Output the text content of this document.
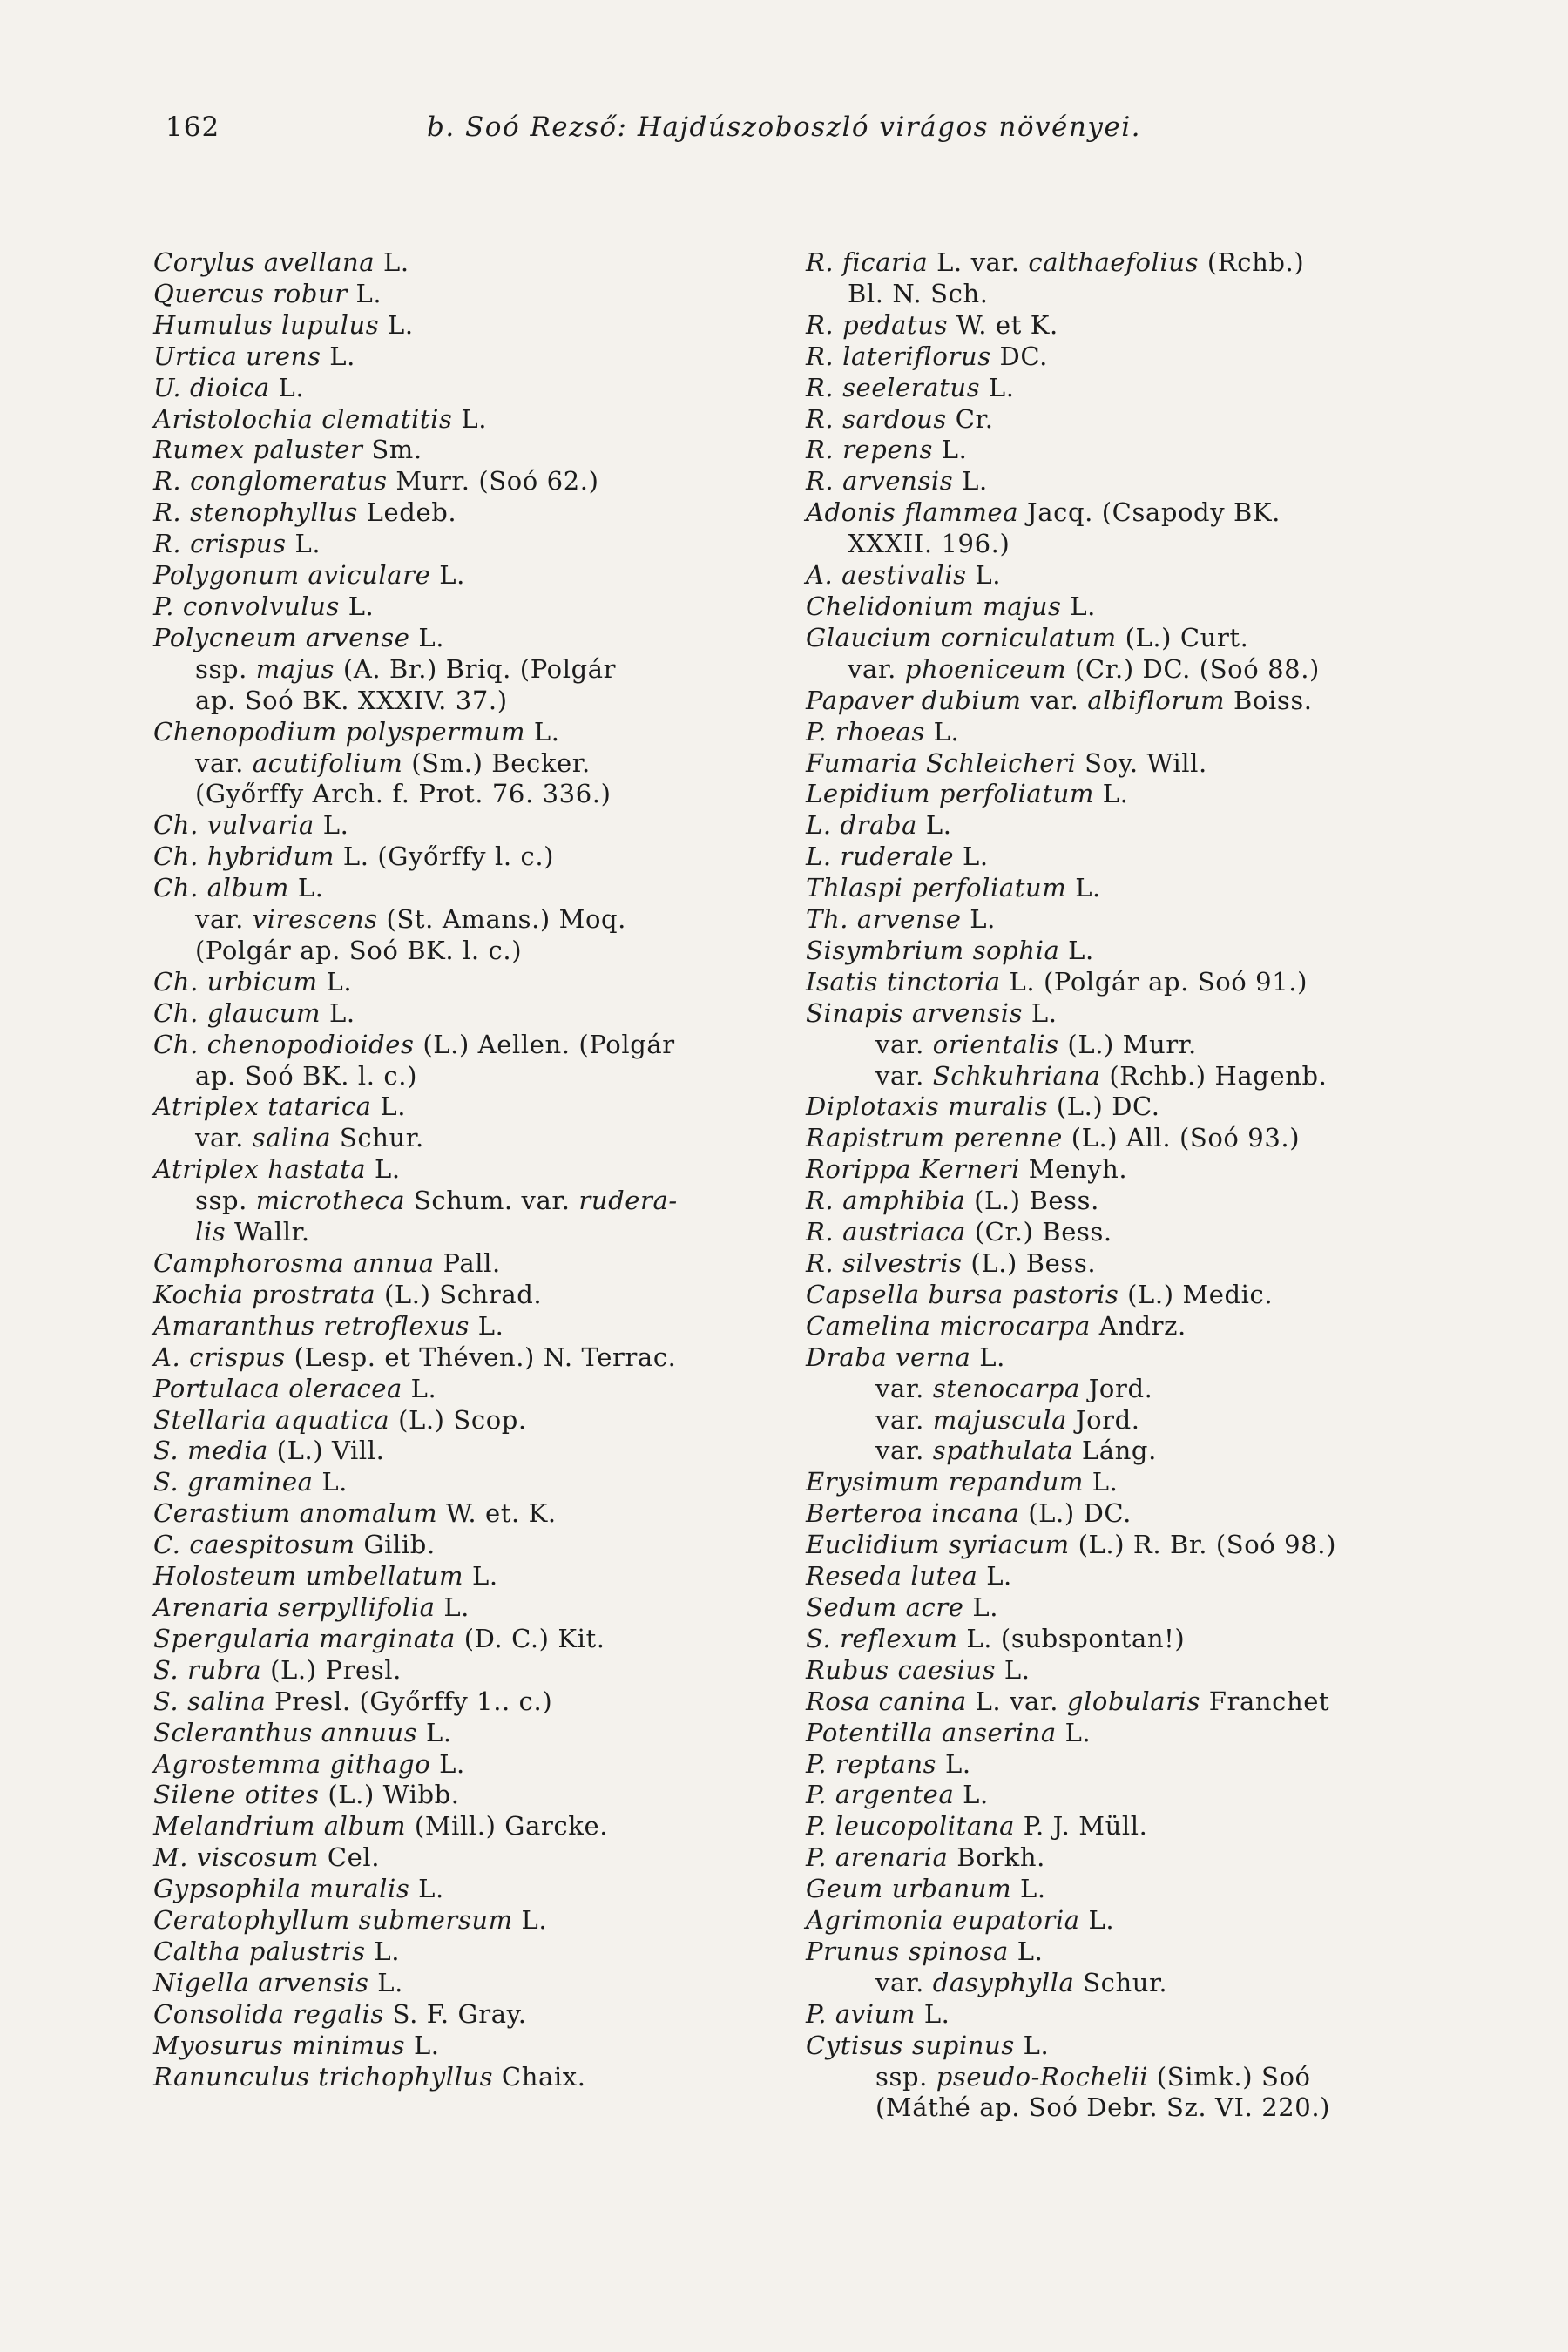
162	b. Soó Rezső: Hajdúszoboszló virágos növényei.
Corylus avellana L.
Quercus robur L.
Humulus lupulus L.
Urtica urens L.
U. dioica L.
Aristolochia clematitis L.
Rumex paluster Sm.
R. conglomeratus Murr. (Soó 62.)
R. stenophyllus Ledeb.
R. crispus L.
Polygonum aviculare L.
P. convolvulus L.
Polycneum arvense L.
ssp. majus (A. Br.) Briq. (Polgár
ap. Soó BK. XXXIV. 37.)
Chenopodium polyspermum L.
var. acutifolium (Sm.) Becker.
(Győrffy Arch. f. Prot. 76. 336.)
Ch. vulvaria L.
Ch. hybridum L. (Győrffy l. c.)
Ch. album L.
var. virescens (St. Amans.) Moq.
(Polgár ap. Soó BK. l. c.)
Ch. urbicum L.
Ch. glaucum L.
Ch. chenopodioides (L.) Aellen. (Polgár
ap. Soó BK. l. c.)
Atriplex tatarica L.
var. salina Schur.
Atriplex hastata L.
ssp. microtheca Schum. var. rudera-
lis Wallr.
Camphorosma annua Pall.
Kochia prostrata (L.) Schrad.
Amaranthus retroflexus L.
A. crispus (Lesp. et Théven.) N. Terrac.
Portulaca oleracea L.
Stellaria aquatica (L.) Scop.
S. media (L.) Vill.
S. graminea L.
Cerastium anomalum W. et. K.
C. caespitosum Gilib.
Holosteum umbellatum L.
Arenaria serpyllifolia L.
Spergularia marginata (D. C.) Kit.
S. rubra (L.) Presl.
S. salina Presl. (Győrffy 1.. c.)
Scleranthus annuus L.
Agrostemma githago L.
Silene otites (L.) Wibb.
Melandrium album (Mill.) Garcke.
M. viscosum Cel.
Gypsophila muralis L.
Ceratophyllum submersum L.
Caltha palustris L.
Nigella arvensis L.
Consolida regalis S. F. Gray.
Myosurus minimus L.
Ranunculus trichophyllus Chaix.
R. ficaria L. var. calthaefolius (Rchb.)
Bl. N. Sch.
R. pedatus W. et K.
R. lateriflorus DC.
R. seeleratus L.
R. sardous Cr.
R. repens L.
R. arvensis L.
Adonis flammea Jacq. (Csapody BK.
XXXII. 196.)
A. aestivalis L.
Chelidonium majus L.
Glaucium corniculatum (L.) Curt.
var. phoeniceum (Cr.) DC. (Soó 88.)
Papaver dubium var. albiflorum Boiss.
P. rhoeas L.
Fumaria Schleicheri Soy. Will.
Lepidium perfoliatum L.
L. draba L.
L. ruderale L.
Thlaspi perfoliatum L.
Th. arvense L.
Sisymbrium sophia L.
Isatis tinctoria L. (Polgár ap. Soó 91.)
Sinapis arvensis L.
var. orientalis (L.) Murr.
var. Schkuhriana (Rchb.) Hagenb.
Diplotaxis muralis (L.) DC.
Rapistrum perenne (L.) All. (Soó 93.)
Rorippa Kerneri Menyh.
R. amphibia (L.) Bess.
R. austriaca (Cr.) Bess.
R. silvestris (L.) Bess.
Capsella bursa pastoris (L.) Medic.
Camelina microcarpa Andrz.
Draba verna L.
var. stenocarpa Jord.
var. majuscula Jord.
var. spathulata Láng.
Erysimum repandum L.
Berteroa incana (L.) DC.
Euclidium syriacum (L.) R. Br. (Soó 98.)
Reseda lutea L.
Sedum acre L.
S. reflexum L. (subspontan!)
Rubus caesius L.
Rosa canina L. var. globularis Franchet
Potentilla anserina L.
P. reptans L.
P. argentea L.
P. leucopolitana P. J. Müll.
P. arenaria Borkh.
Geum urbanum L.
Agrimonia eupatoria L.
Prunus spinosa L.
var. dasyphylla Schur.
P. avium L.
Cytisus supinus L.
ssp. pseudo-Rochelii (Simk.) Soó
(Máthé ap. Soó Debr. Sz. VI. 220.)
